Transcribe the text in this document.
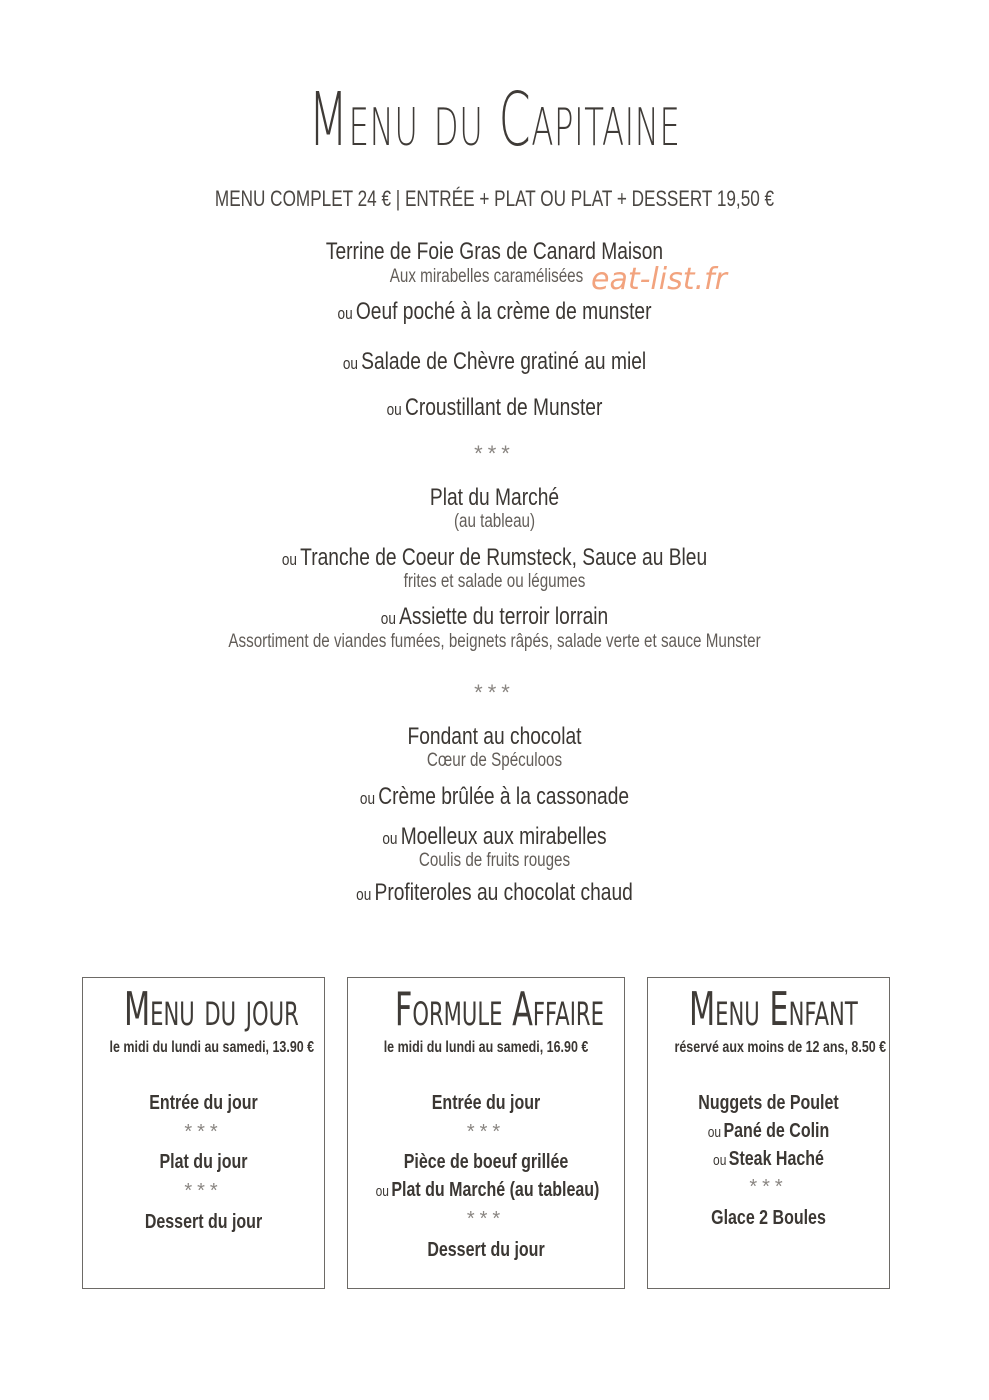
Menu du Capitaine
MENU COMPLET 24 € | ENTRÉE + PLAT OU PLAT + DESSERT 19,50 €
eat-list.fr
Terrine de Foie Gras de Canard Maison
Aux mirabelles caramélisées
ou Oeuf poché à la crème de munster
ou Salade de Chèvre gratiné au miel
ou Croustillant de Munster
***
Plat du Marché
(au tableau)
ou Tranche de Coeur de Rumsteck, Sauce au Bleu
frites et salade ou légumes
ou Assiette du terroir lorrain
Assortiment de viandes fumées, beignets râpés, salade verte et sauce Munster
***
Fondant au chocolat
Cœur de Spéculoos
ou Crème brûlée à la cassonade
ou Moelleux aux mirabelles
Coulis de fruits rouges
ou Profiteroles au chocolat chaud
Menu du jour
le midi du lundi au samedi, 13.90 €
Entrée du jour
***
Plat du jour
***
Dessert du jour
Formule Affaire
le midi du lundi au samedi, 16.90 €
Entrée du jour
***
Pièce de boeuf grillée
ou Plat du Marché (au tableau)
***
Dessert du jour
Menu Enfant
réservé aux moins de 12 ans, 8.50 €
Nuggets de Poulet
ou Pané de Colin
ou Steak Haché
***
Glace 2 Boules
